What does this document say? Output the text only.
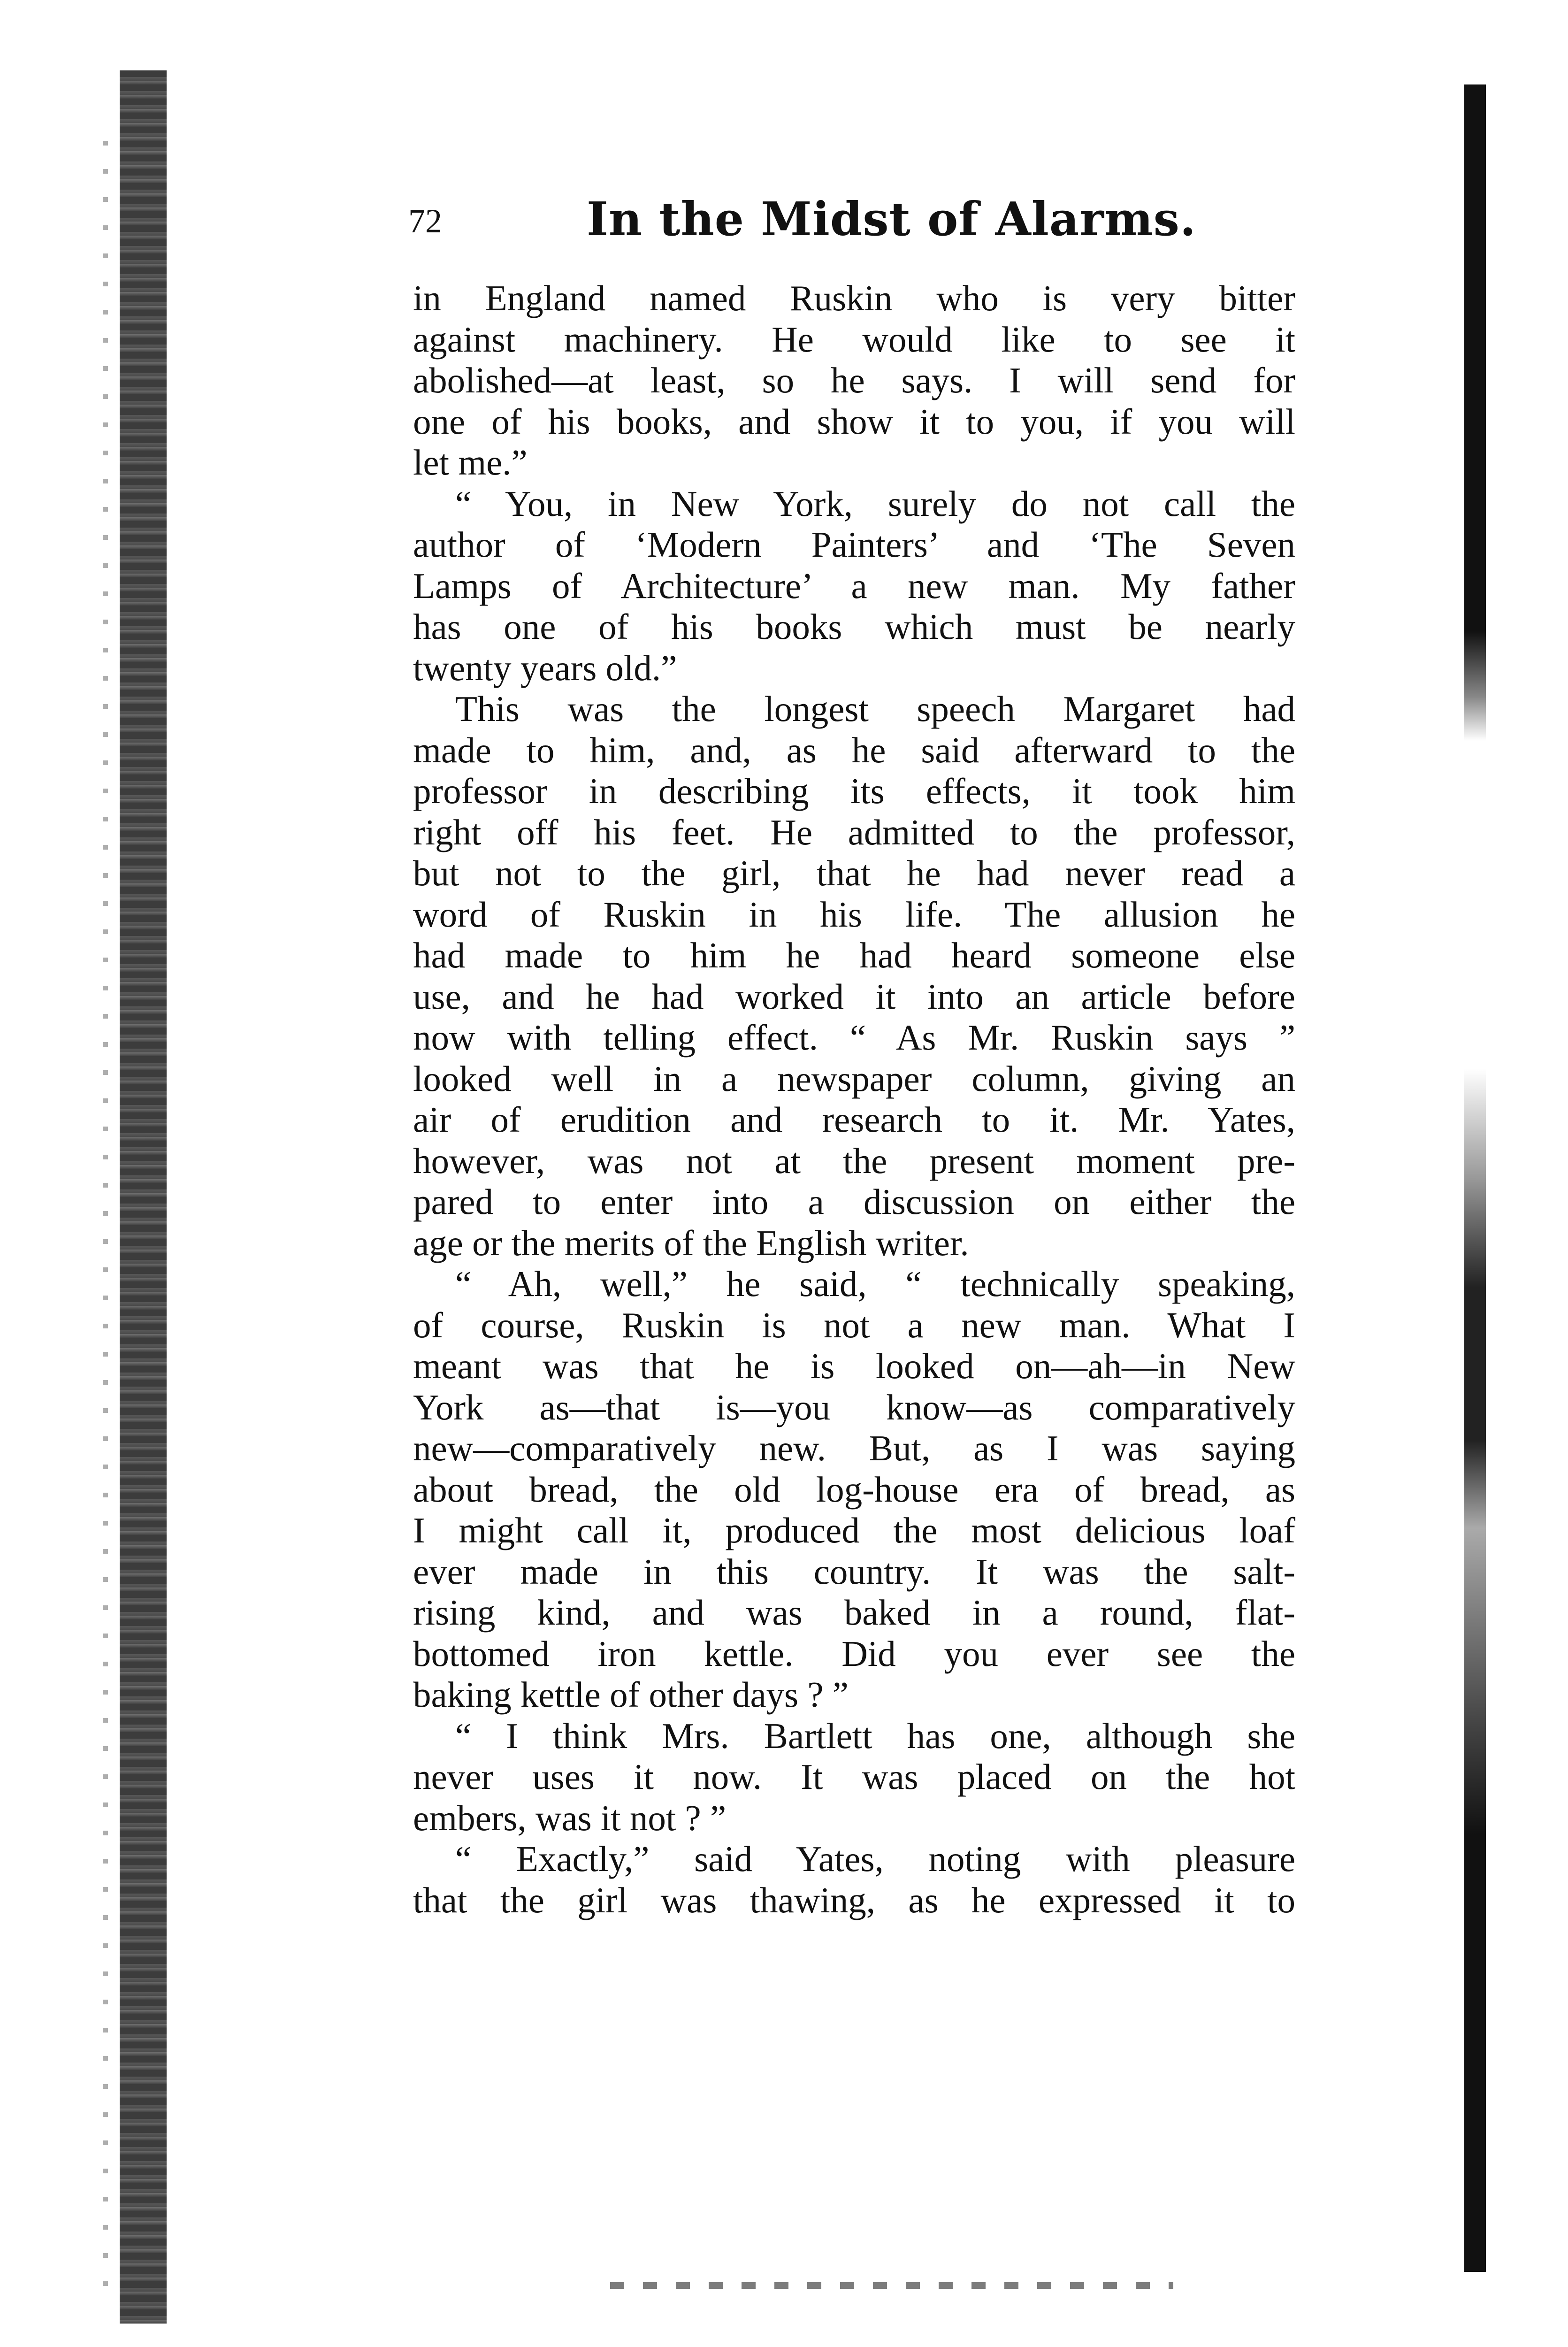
72	In the Midst of Alarms.
in England named Ruskin who is very bitter
against machinery. He would like to see it
abolished—at least, so he says. I will send for
one of his books, and show it to you, if you will
let me.”
“ You, in New York, surely do not call the
author of ‘Modern Painters’ and ‘The Seven
Lamps of Architecture’ a new man. My father
has one of his books which must be nearly
twenty years old.”
This was the longest speech Margaret had
made to him, and, as he said afterward to the
professor in describing its effects, it took him
right off his feet. He admitted to the professor,
but not to the girl, that he had never read a
word of Ruskin in his life. The allusion he
had made to him he had heard someone else
use, and he had worked it into an article before
now with telling effect. “ As Mr. Ruskin says ”
looked well in a newspaper column, giving an
air of erudition and research to it. Mr. Yates,
however, was not at the present moment pre-
pared to enter into a discussion on either the
age or the merits of the English writer.
“ Ah, well,” he said, “ technically speaking,
of course, Ruskin is not a new man. What I
meant was that he is looked on—ah—in New
York as—that is—you know—as comparatively
new—comparatively new. But, as I was saying
about bread, the old log-house era of bread, as
I might call it, produced the most delicious loaf
ever made in this country. It was the salt-
rising kind, and was baked in a round, flat-
bottomed iron kettle. Did you ever see the
baking kettle of other days ? ”
“ I think Mrs. Bartlett has one, although she
never uses it now. It was placed on the hot
embers, was it not ? ”
“ Exactly,” said Yates, noting with pleasure
that the girl was thawing, as he expressed it to
